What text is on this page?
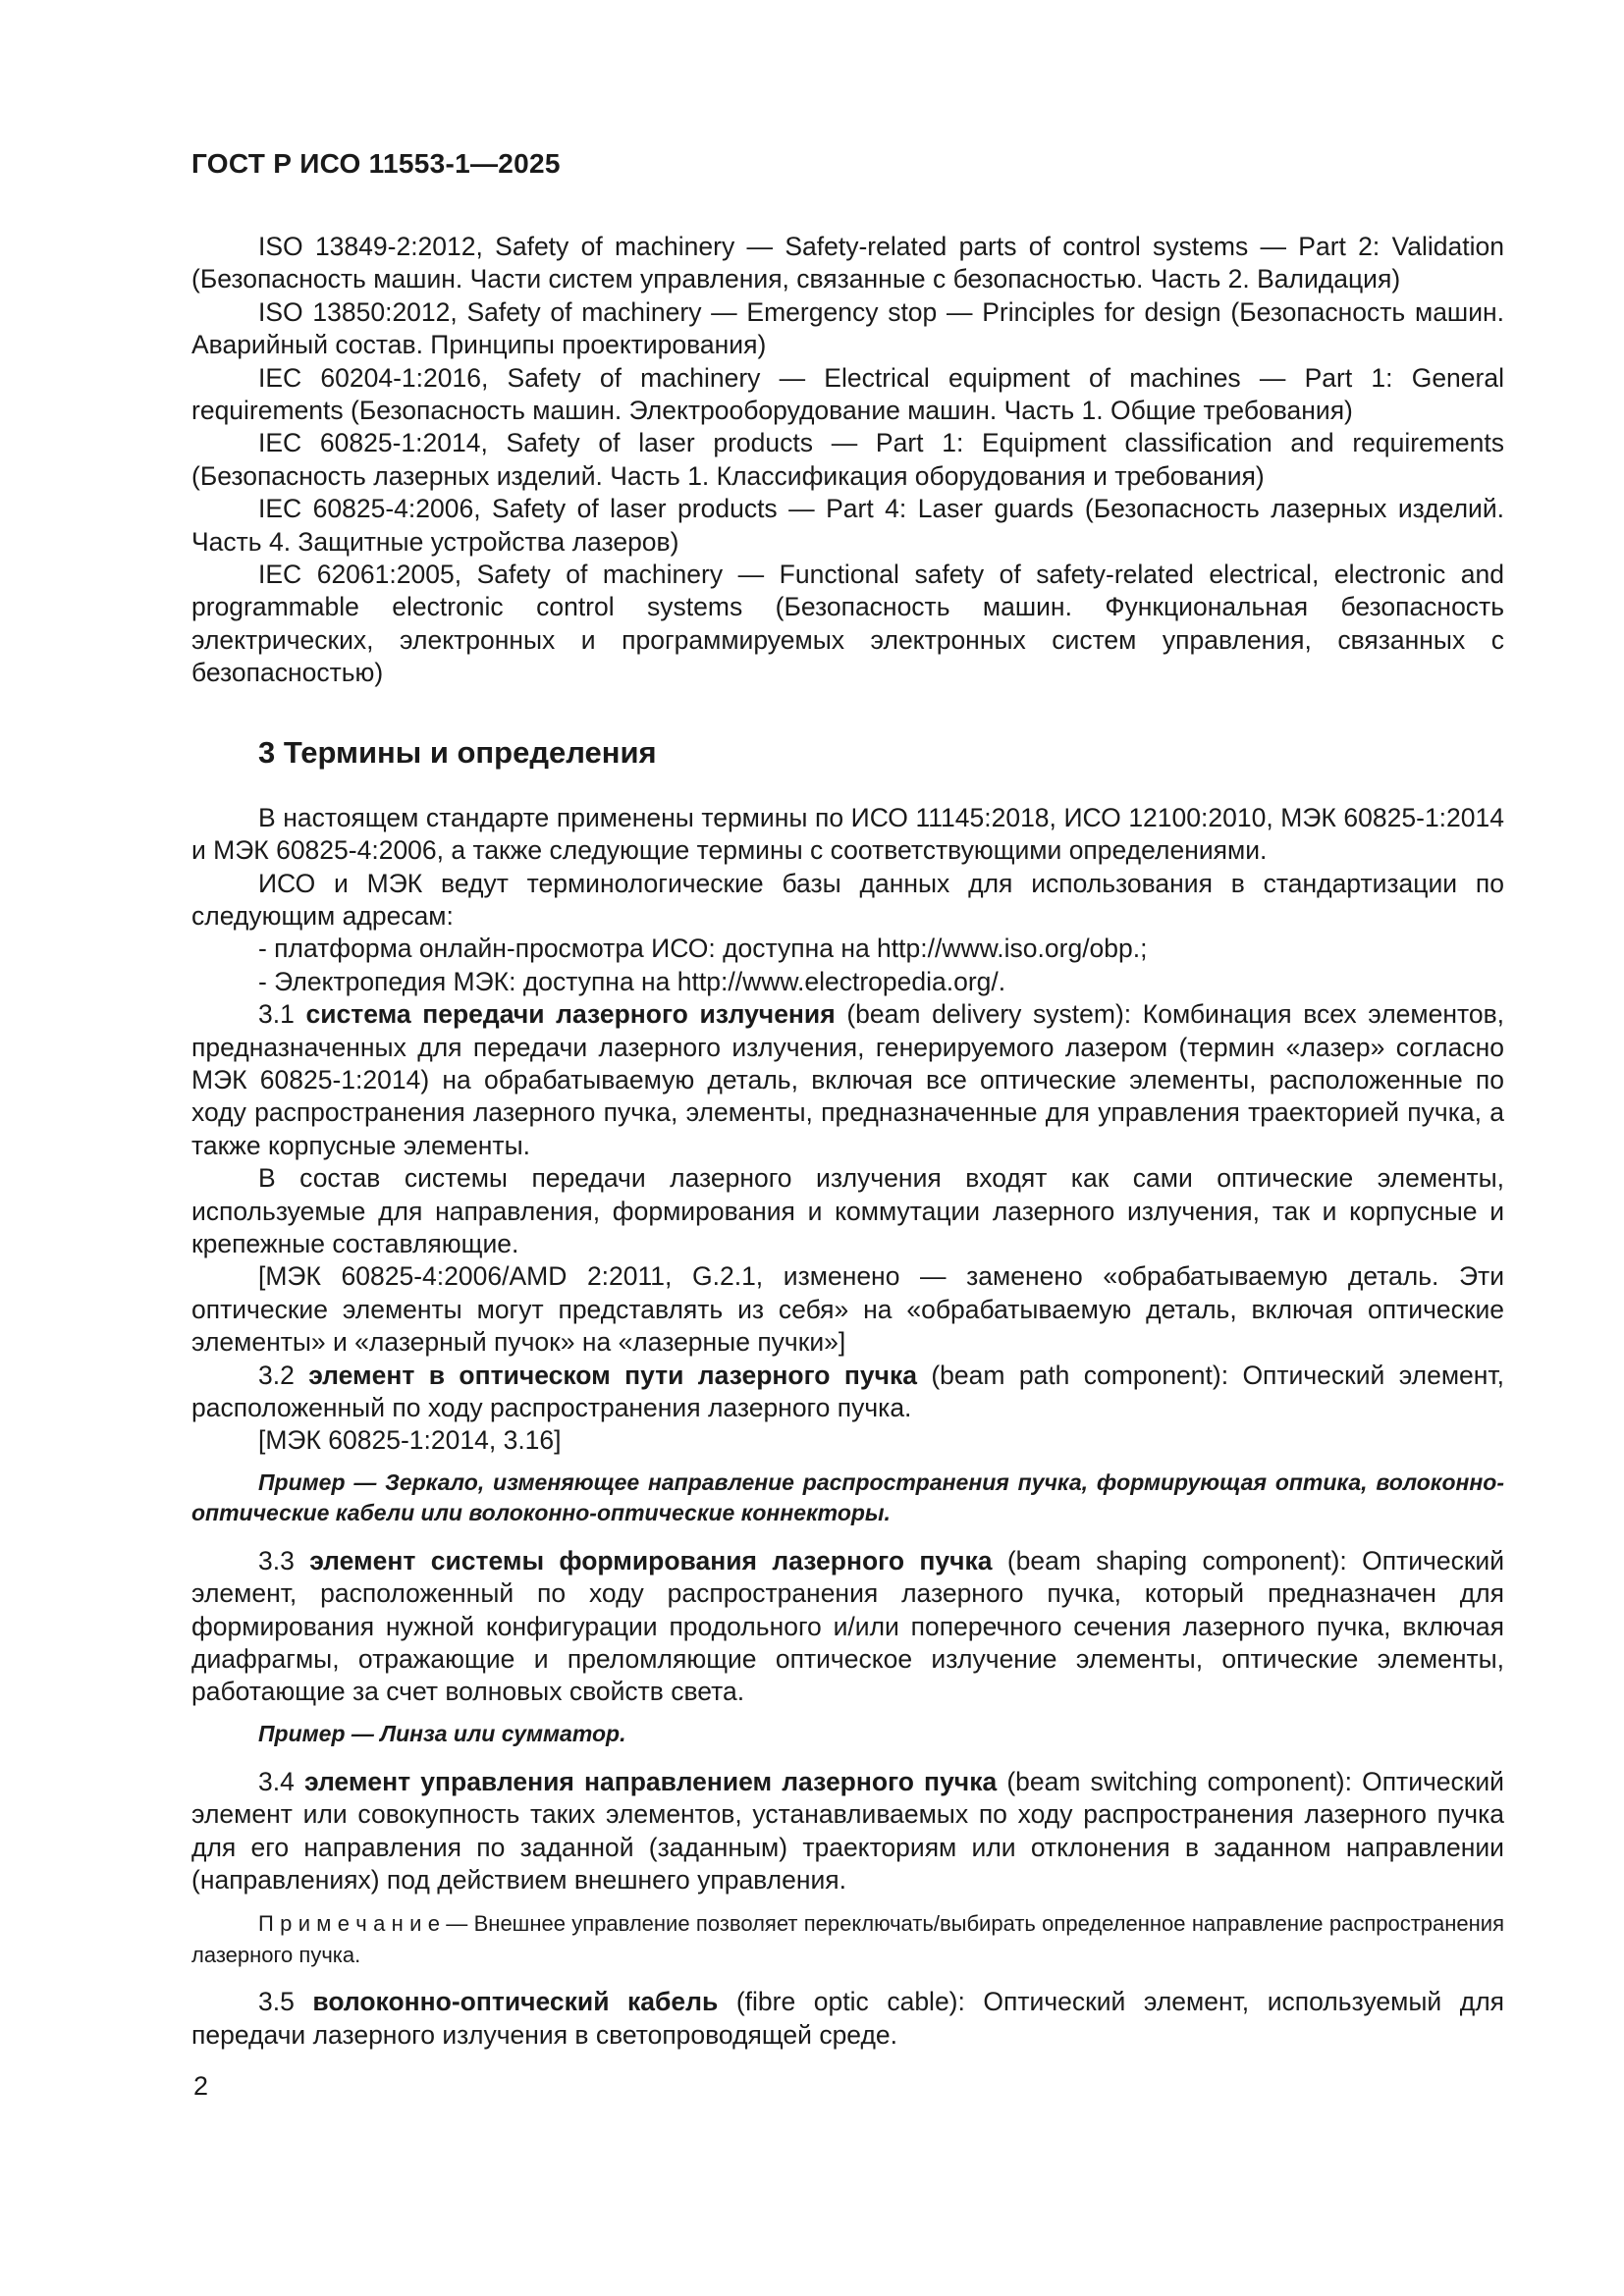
ГОСТ Р ИСО 11553-1—2025

ISO 13849-2:2012, Safety of machinery — Safety-related parts of control systems — Part 2: Validation (Безопасность машин. Части систем управления, связанные с безопасностью. Часть 2. Валидация)

ISO 13850:2012, Safety of machinery — Emergency stop — Principles for design (Безопасность машин. Аварийный состав. Принципы проектирования)

IEC 60204-1:2016, Safety of machinery — Electrical equipment of machines — Part 1: General requirements (Безопасность машин. Электрооборудование машин. Часть 1. Общие требования)

IEC 60825-1:2014, Safety of laser products — Part 1: Equipment classification and requirements (Безопасность лазерных изделий. Часть 1. Классификация оборудования и требования)

IEC 60825-4:2006, Safety of laser products — Part 4: Laser guards (Безопасность лазерных изделий. Часть 4. Защитные устройства лазеров)

IEC 62061:2005, Safety of machinery — Functional safety of safety-related electrical, electronic and programmable electronic control systems (Безопасность машин. Функциональная безопасность электрических, электронных и программируемых электронных систем управления, связанных с безопасностью)

3 Термины и определения

В настоящем стандарте применены термины по ИСО 11145:2018, ИСО 12100:2010, МЭК 60825-1:2014 и МЭК 60825-4:2006, а также следующие термины с соответствующими определениями.

ИСО и МЭК ведут терминологические базы данных для использования в стандартизации по следующим адресам:

- платформа онлайн-просмотра ИСО: доступна на http://www.iso.org/obp.;

- Электропедия МЭК: доступна на http://www.electropedia.org/.

3.1 система передачи лазерного излучения (beam delivery system): Комбинация всех элементов, предназначенных для передачи лазерного излучения, генерируемого лазером (термин «лазер» согласно МЭК 60825-1:2014) на обрабатываемую деталь, включая все оптические элементы, расположенные по ходу распространения лазерного пучка, элементы, предназначенные для управления траекторией пучка, а также корпусные элементы.

В состав системы передачи лазерного излучения входят как сами оптические элементы, используемые для направления, формирования и коммутации лазерного излучения, так и корпусные и крепежные составляющие.

[МЭК 60825-4:2006/AMD 2:2011, G.2.1, изменено — заменено «обрабатываемую деталь. Эти оптические элементы могут представлять из себя» на «обрабатываемую деталь, включая оптические элементы» и «лазерный пучок» на «лазерные пучки»]

3.2 элемент в оптическом пути лазерного пучка (beam path component): Оптический элемент, расположенный по ходу распространения лазерного пучка.

[МЭК 60825-1:2014, 3.16]

Пример — Зеркало, изменяющее направление распространения пучка, формирующая оптика, волоконно-оптические кабели или волоконно-оптические коннекторы.

3.3 элемент системы формирования лазерного пучка (beam shaping component): Оптический элемент, расположенный по ходу распространения лазерного пучка, который предназначен для формирования нужной конфигурации продольного и/или поперечного сечения лазерного пучка, включая диафрагмы, отражающие и преломляющие оптическое излучение элементы, оптические элементы, работающие за счет волновых свойств света.

Пример — Линза или сумматор.

3.4 элемент управления направлением лазерного пучка (beam switching component): Оптический элемент или совокупность таких элементов, устанавливаемых по ходу распространения лазерного пучка для его направления по заданной (заданным) траекториям или отклонения в заданном направлении (направлениях) под действием внешнего управления.

П р и м е ч а н и е — Внешнее управление позволяет переключать/выбирать определенное направление распространения лазерного пучка.

3.5 волоконно-оптический кабель (fibre optic cable): Оптический элемент, используемый для передачи лазерного излучения в светопроводящей среде.

2
